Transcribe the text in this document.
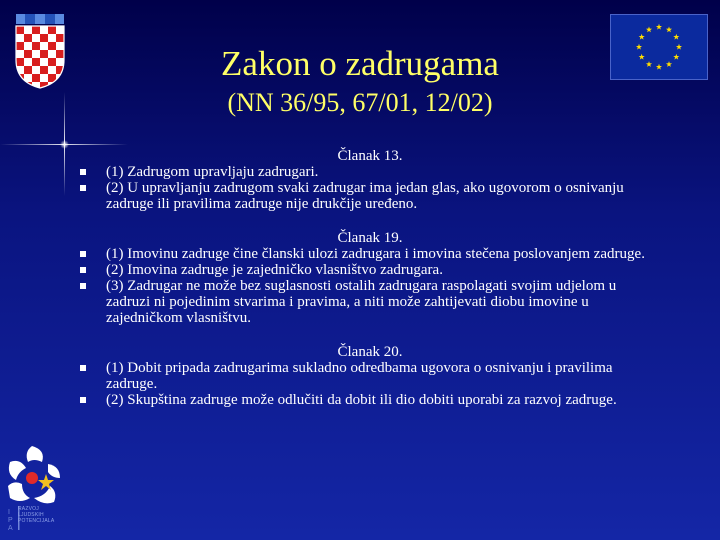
Zakon o zadrugama
(NN 36/95, 67/01, 12/02)
Članak 13.
(1) Zadrugom upravljaju zadrugari.
(2) U upravljanju zadrugom svaki zadrugar ima jedan glas, ako ugovorom o osnivanju zadruge ili pravilima zadruge nije drukčije uređeno.
Članak 19.
(1) Imovinu zadruge čine članski ulozi zadrugara i imovina stečena poslovanjem zadruge.
(2) Imovina zadruge je zajedničko vlasništvo zadrugara.
(3) Zadrugar ne može bez suglasnosti ostalih zadrugara raspolagati svojim udjelom u zadruzi ni pojedinim stvarima i pravima, a niti može zahtijevati diobu imovine u zajedničkom vlasništvu.
Članak 20.
(1) Dobit pripada zadrugarima sukladno odredbama ugovora o osnivanju i pravilima zadruge.
(2) Skupština zadruge može odlučiti da dobit ili dio dobiti uporabi za razvoj zadruge.
I
P
A
RAZVOJ
LJUDSKIH
POTENCIJALA
